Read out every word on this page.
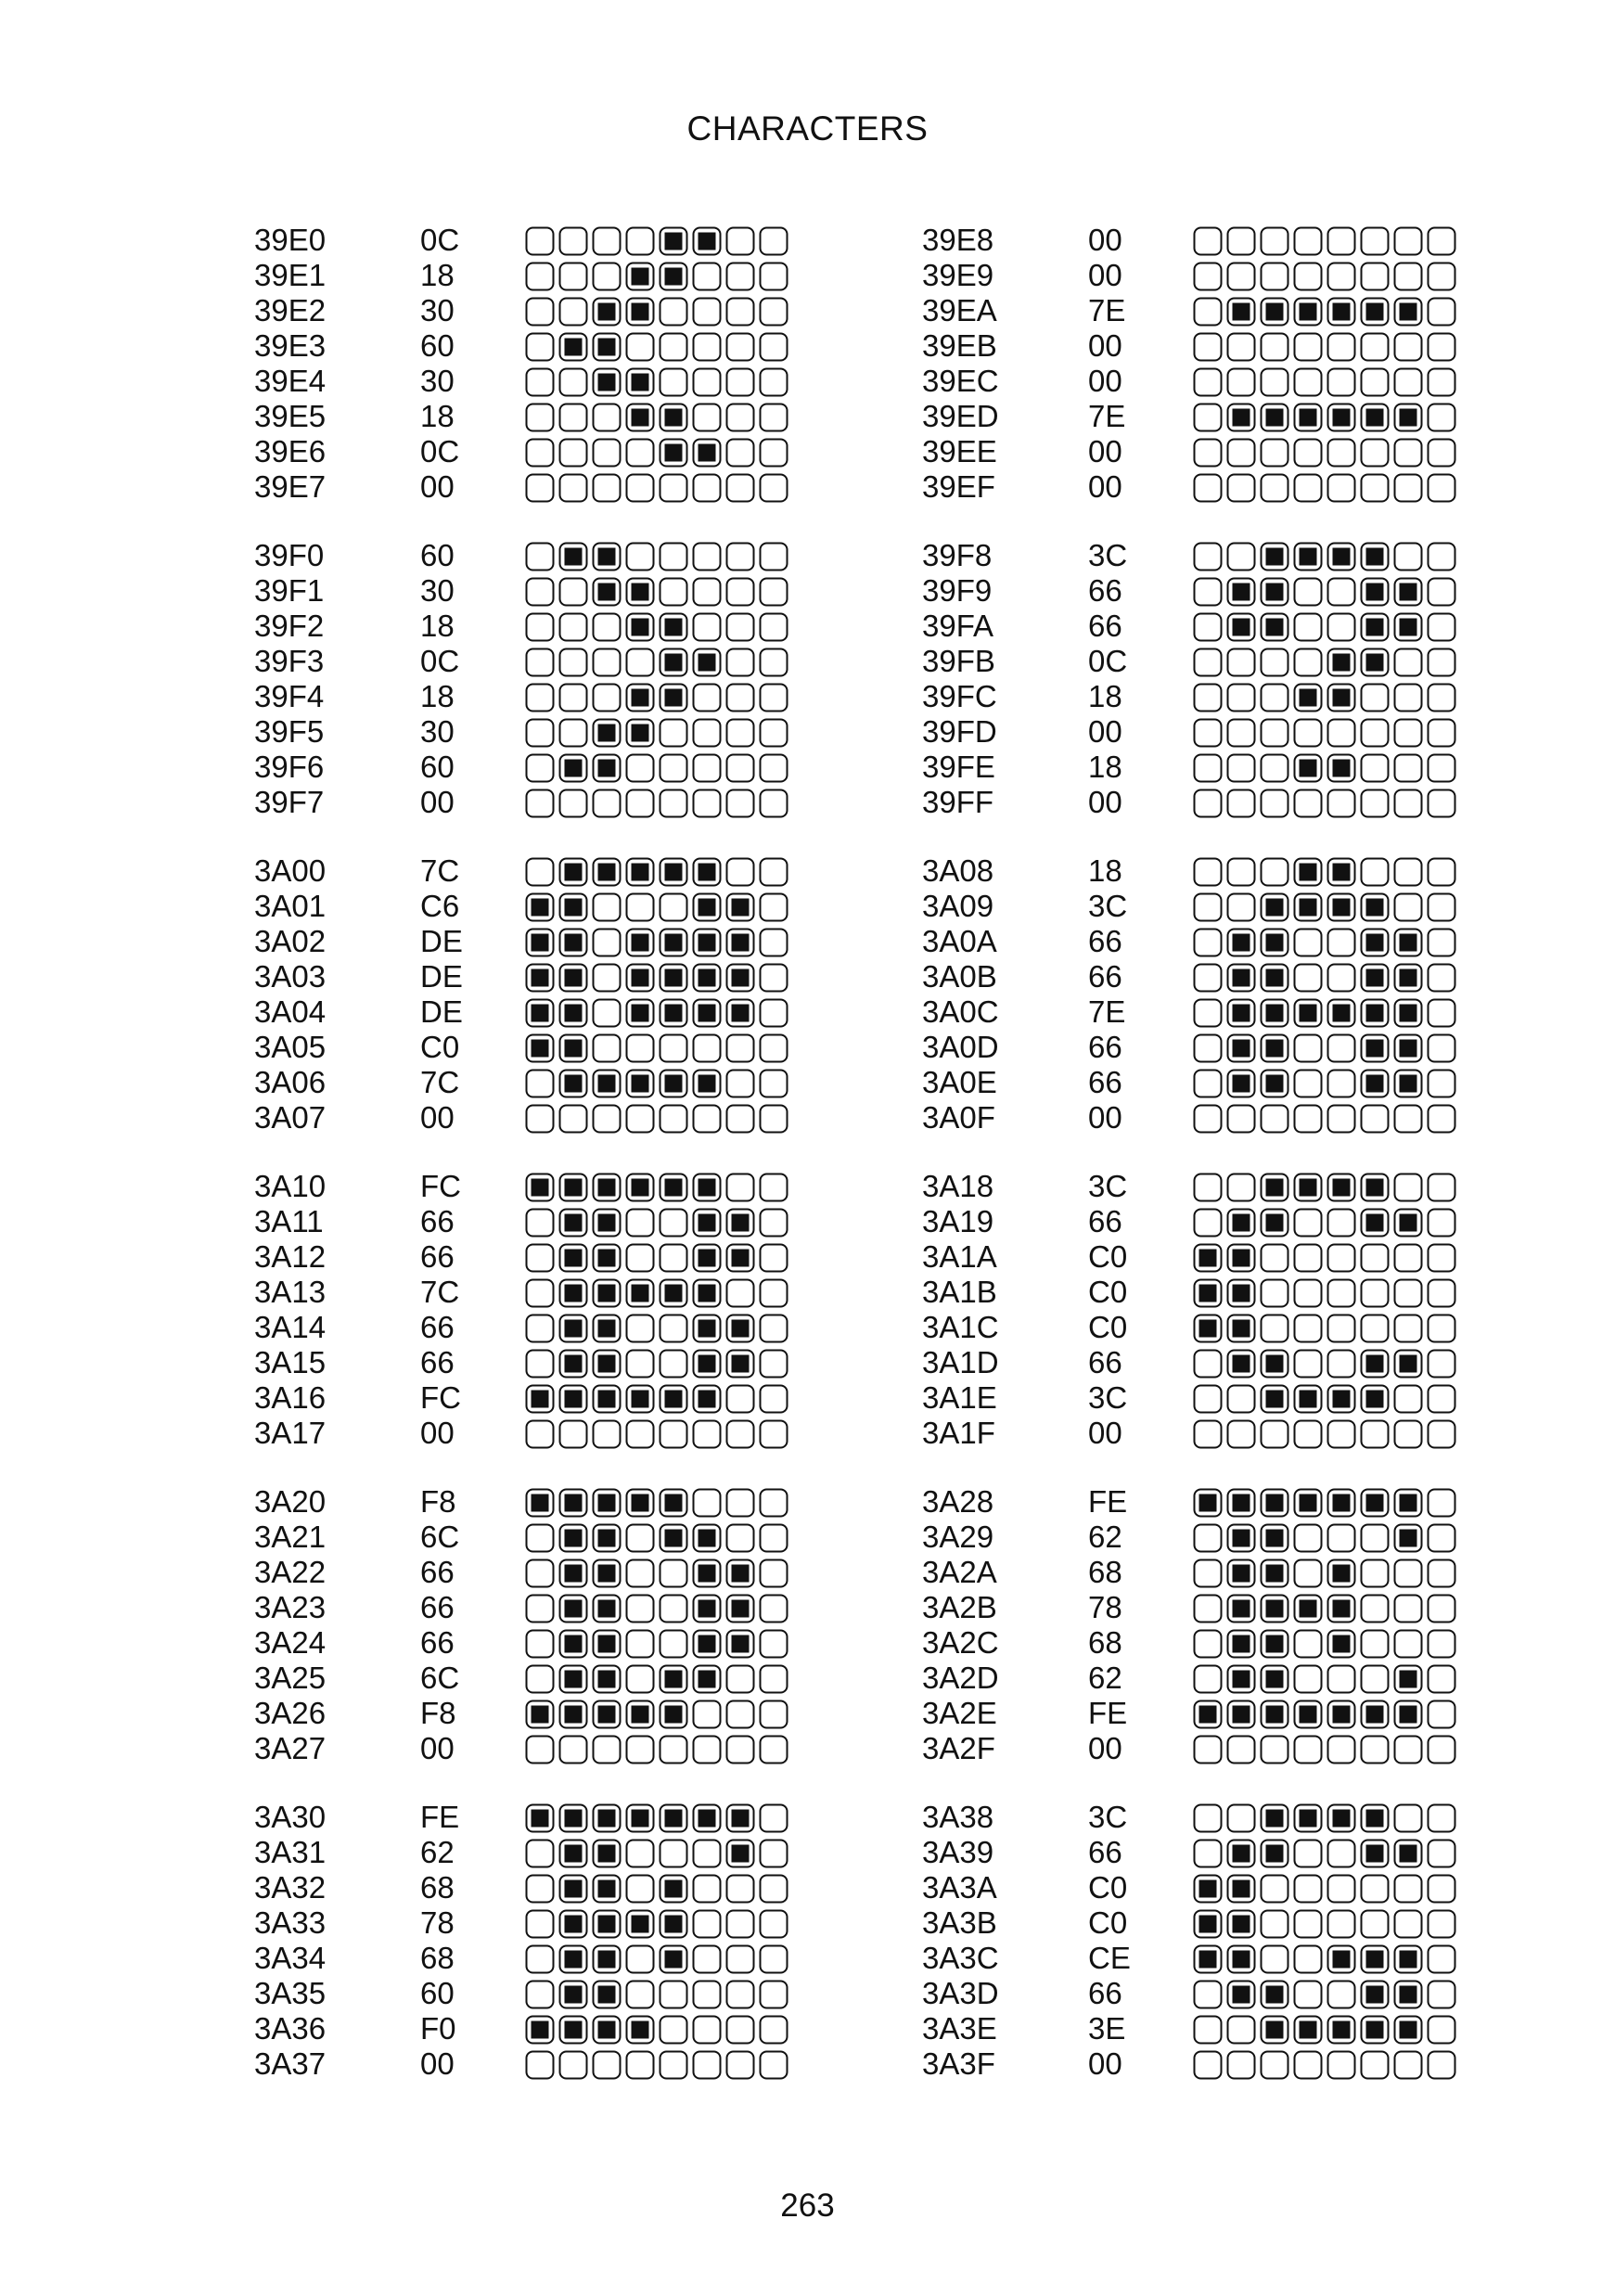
CHARACTERS
39E0	0C
39E1	18
39E2	30
39E3	60
39E4	30
39E5	18
39E6	0C
39E7	00
39E8	00
39E9	00
39EA	7E
39EB	00
39EC	00
39ED	7E
39EE	00
39EF	00
39F0	60
39F1	30
39F2	18
39F3	0C
39F4	18
39F5	30
39F6	60
39F7	00
39F8	3C
39F9	66
39FA	66
39FB	0C
39FC	18
39FD	00
39FE	18
39FF	00
3A00	7C
3A01	C6
3A02	DE
3A03	DE
3A04	DE
3A05	C0
3A06	7C
3A07	00
3A08	18
3A09	3C
3A0A	66
3A0B	66
3A0C	7E
3A0D	66
3A0E	66
3A0F	00
3A10	FC
3A11	66
3A12	66
3A13	7C
3A14	66
3A15	66
3A16	FC
3A17	00
3A18	3C
3A19	66
3A1A	C0
3A1B	C0
3A1C	C0
3A1D	66
3A1E	3C
3A1F	00
3A20	F8
3A21	6C
3A22	66
3A23	66
3A24	66
3A25	6C
3A26	F8
3A27	00
3A28	FE
3A29	62
3A2A	68
3A2B	78
3A2C	68
3A2D	62
3A2E	FE
3A2F	00
3A30	FE
3A31	62
3A32	68
3A33	78
3A34	68
3A35	60
3A36	F0
3A37	00
3A38	3C
3A39	66
3A3A	C0
3A3B	C0
3A3C	CE
3A3D	66
3A3E	3E
3A3F	00
263
